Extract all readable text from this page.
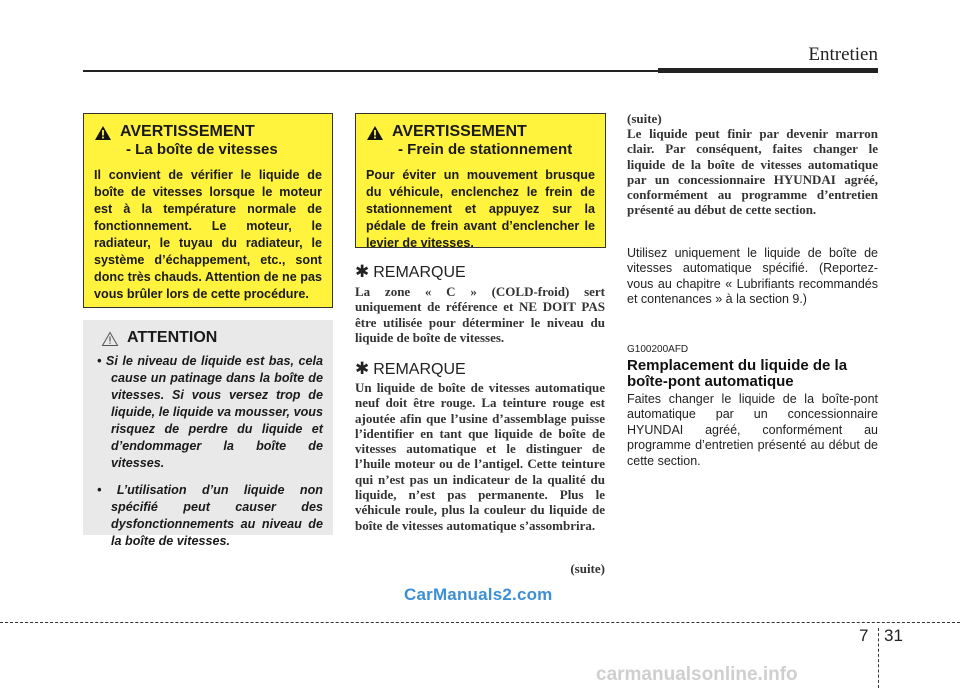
Entretien
AVERTISSEMENT
- La boîte de vitesses
Il convient de vérifier le liquide de boîte de vitesses lorsque le moteur est à la température normale de fonctionnement. Le moteur, le radiateur, le tuyau du radiateur, le système d’échappement, etc., sont donc très chauds. Attention de ne pas vous brûler lors de cette procédure.
ATTENTION
• Si le niveau de liquide est bas, cela cause un patinage dans la boîte de vitesses. Si vous versez trop de liquide, le liquide va mousser, vous risquez de perdre du liquide et d’endommager la boîte de vitesses.
• L’utilisation d’un liquide non spécifié peut causer des dysfonctionnements au niveau de la boîte de vitesses.
AVERTISSEMENT
- Frein de stationnement
Pour éviter un mouvement brusque du véhicule, enclenchez le frein de stationnement et appuyez sur la pédale de frein avant d’enclencher le levier de vitesses.
✱ REMARQUE
La zone « C » (COLD-froid) sert uniquement de référence et NE DOIT PAS être utilisée pour déterminer le niveau du liquide de boîte de vitesses.
✱ REMARQUE
Un liquide de boîte de vitesses automatique neuf doit être rouge. La teinture rouge est ajoutée afin que l’usine d’assemblage puisse l’identifier en tant que liquide de boîte de vitesses automatique et le distinguer de l’huile moteur ou de l’antigel. Cette teinture qui n’est pas un indicateur de la qualité du liquide, n’est pas permanente. Plus le véhicule roule, plus la couleur du liquide de boîte de vitesses automatique s’assombrira.
(suite)
(suite)
Le liquide peut finir par devenir marron clair. Par conséquent, faites changer le liquide de la boîte de vitesses automatique par un concessionnaire HYUNDAI agréé, conformément au programme d’entretien présenté au début de cette section.
Utilisez uniquement le liquide de boîte de vitesses automatique spécifié. (Reportez-vous au chapitre « Lubrifiants recommandés et contenances » à la section 9.)
G100200AFD
Remplacement du liquide de la boîte-pont automatique
Faites changer le liquide de la boîte-pont automatique par un concessionnaire HYUNDAI agréé, conformément au programme d’entretien présenté au début de cette section.
CarManuals2.com
7 31
carmanualsonline.info
